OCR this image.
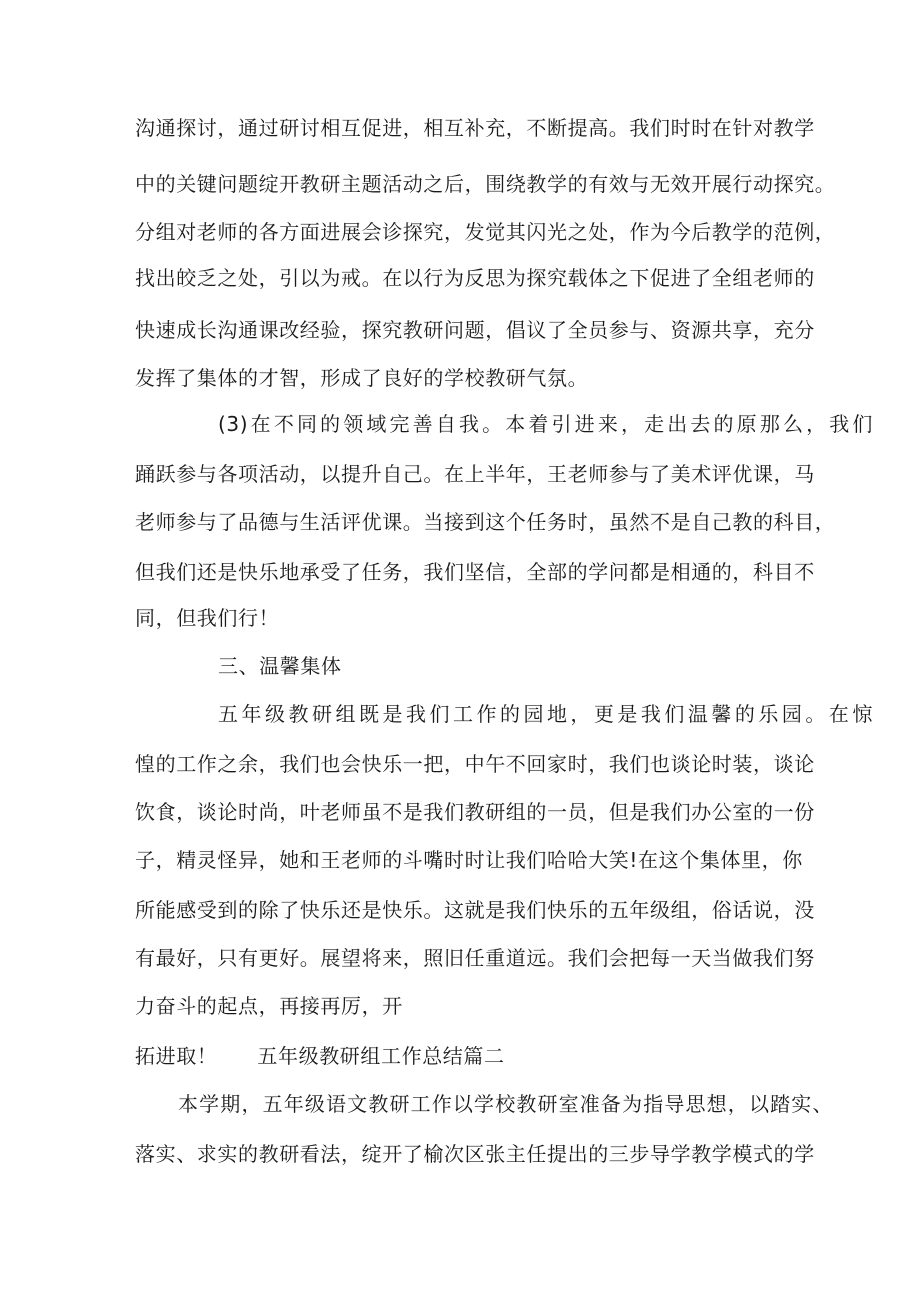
沟通探讨，通过研讨相互促进，相互补充，不断提高。我们时时在针对教学
中的关键问题绽开教研主题活动之后，围绕教学的有效与无效开展行动探究。
分组对老师的各方面进展会诊探究，发觉其闪光之处，作为今后教学的范例，
找出皎乏之处，引以为戒。在以行为反思为探究载体之下促进了全组老师的
快速成长沟通课改经验，探究教研问题，倡议了全员参与、资源共享，充分
发挥了集体的才智，形成了良好的学校教研气氛。
(3)在不同的领域完善自我。本着引进来，走出去的原那么，我们
踊跃参与各项活动，以提升自己。在上半年，王老师参与了美术评优课，马
老师参与了品德与生活评优课。当接到这个任务时，虽然不是自己教的科目，
但我们还是快乐地承受了任务，我们坚信，全部的学问都是相通的，科目不
同，但我们行！
三、温馨集体
五年级教研组既是我们工作的园地，更是我们温馨的乐园。在惊
惶的工作之余，我们也会快乐一把，中午不回家时，我们也谈论时装，谈论
饮食，谈论时尚，叶老师虽不是我们教研组的一员，但是我们办公室的一份
子，精灵怪异，她和王老师的斗嘴时时让我们哈哈大笑!在这个集体里，你
所能感受到的除了快乐还是快乐。这就是我们快乐的五年级组，俗话说，没
有最好，只有更好。展望将来，照旧任重道远。我们会把每一天当做我们努
力奋斗的起点，再接再厉，开
拓进取！ 五年级教研组工作总结篇二
本学期，五年级语文教研工作以学校教研室准备为指导思想，以踏实、
落实、求实的教研看法，绽开了榆次区张主任提出的三步导学教学模式的学
